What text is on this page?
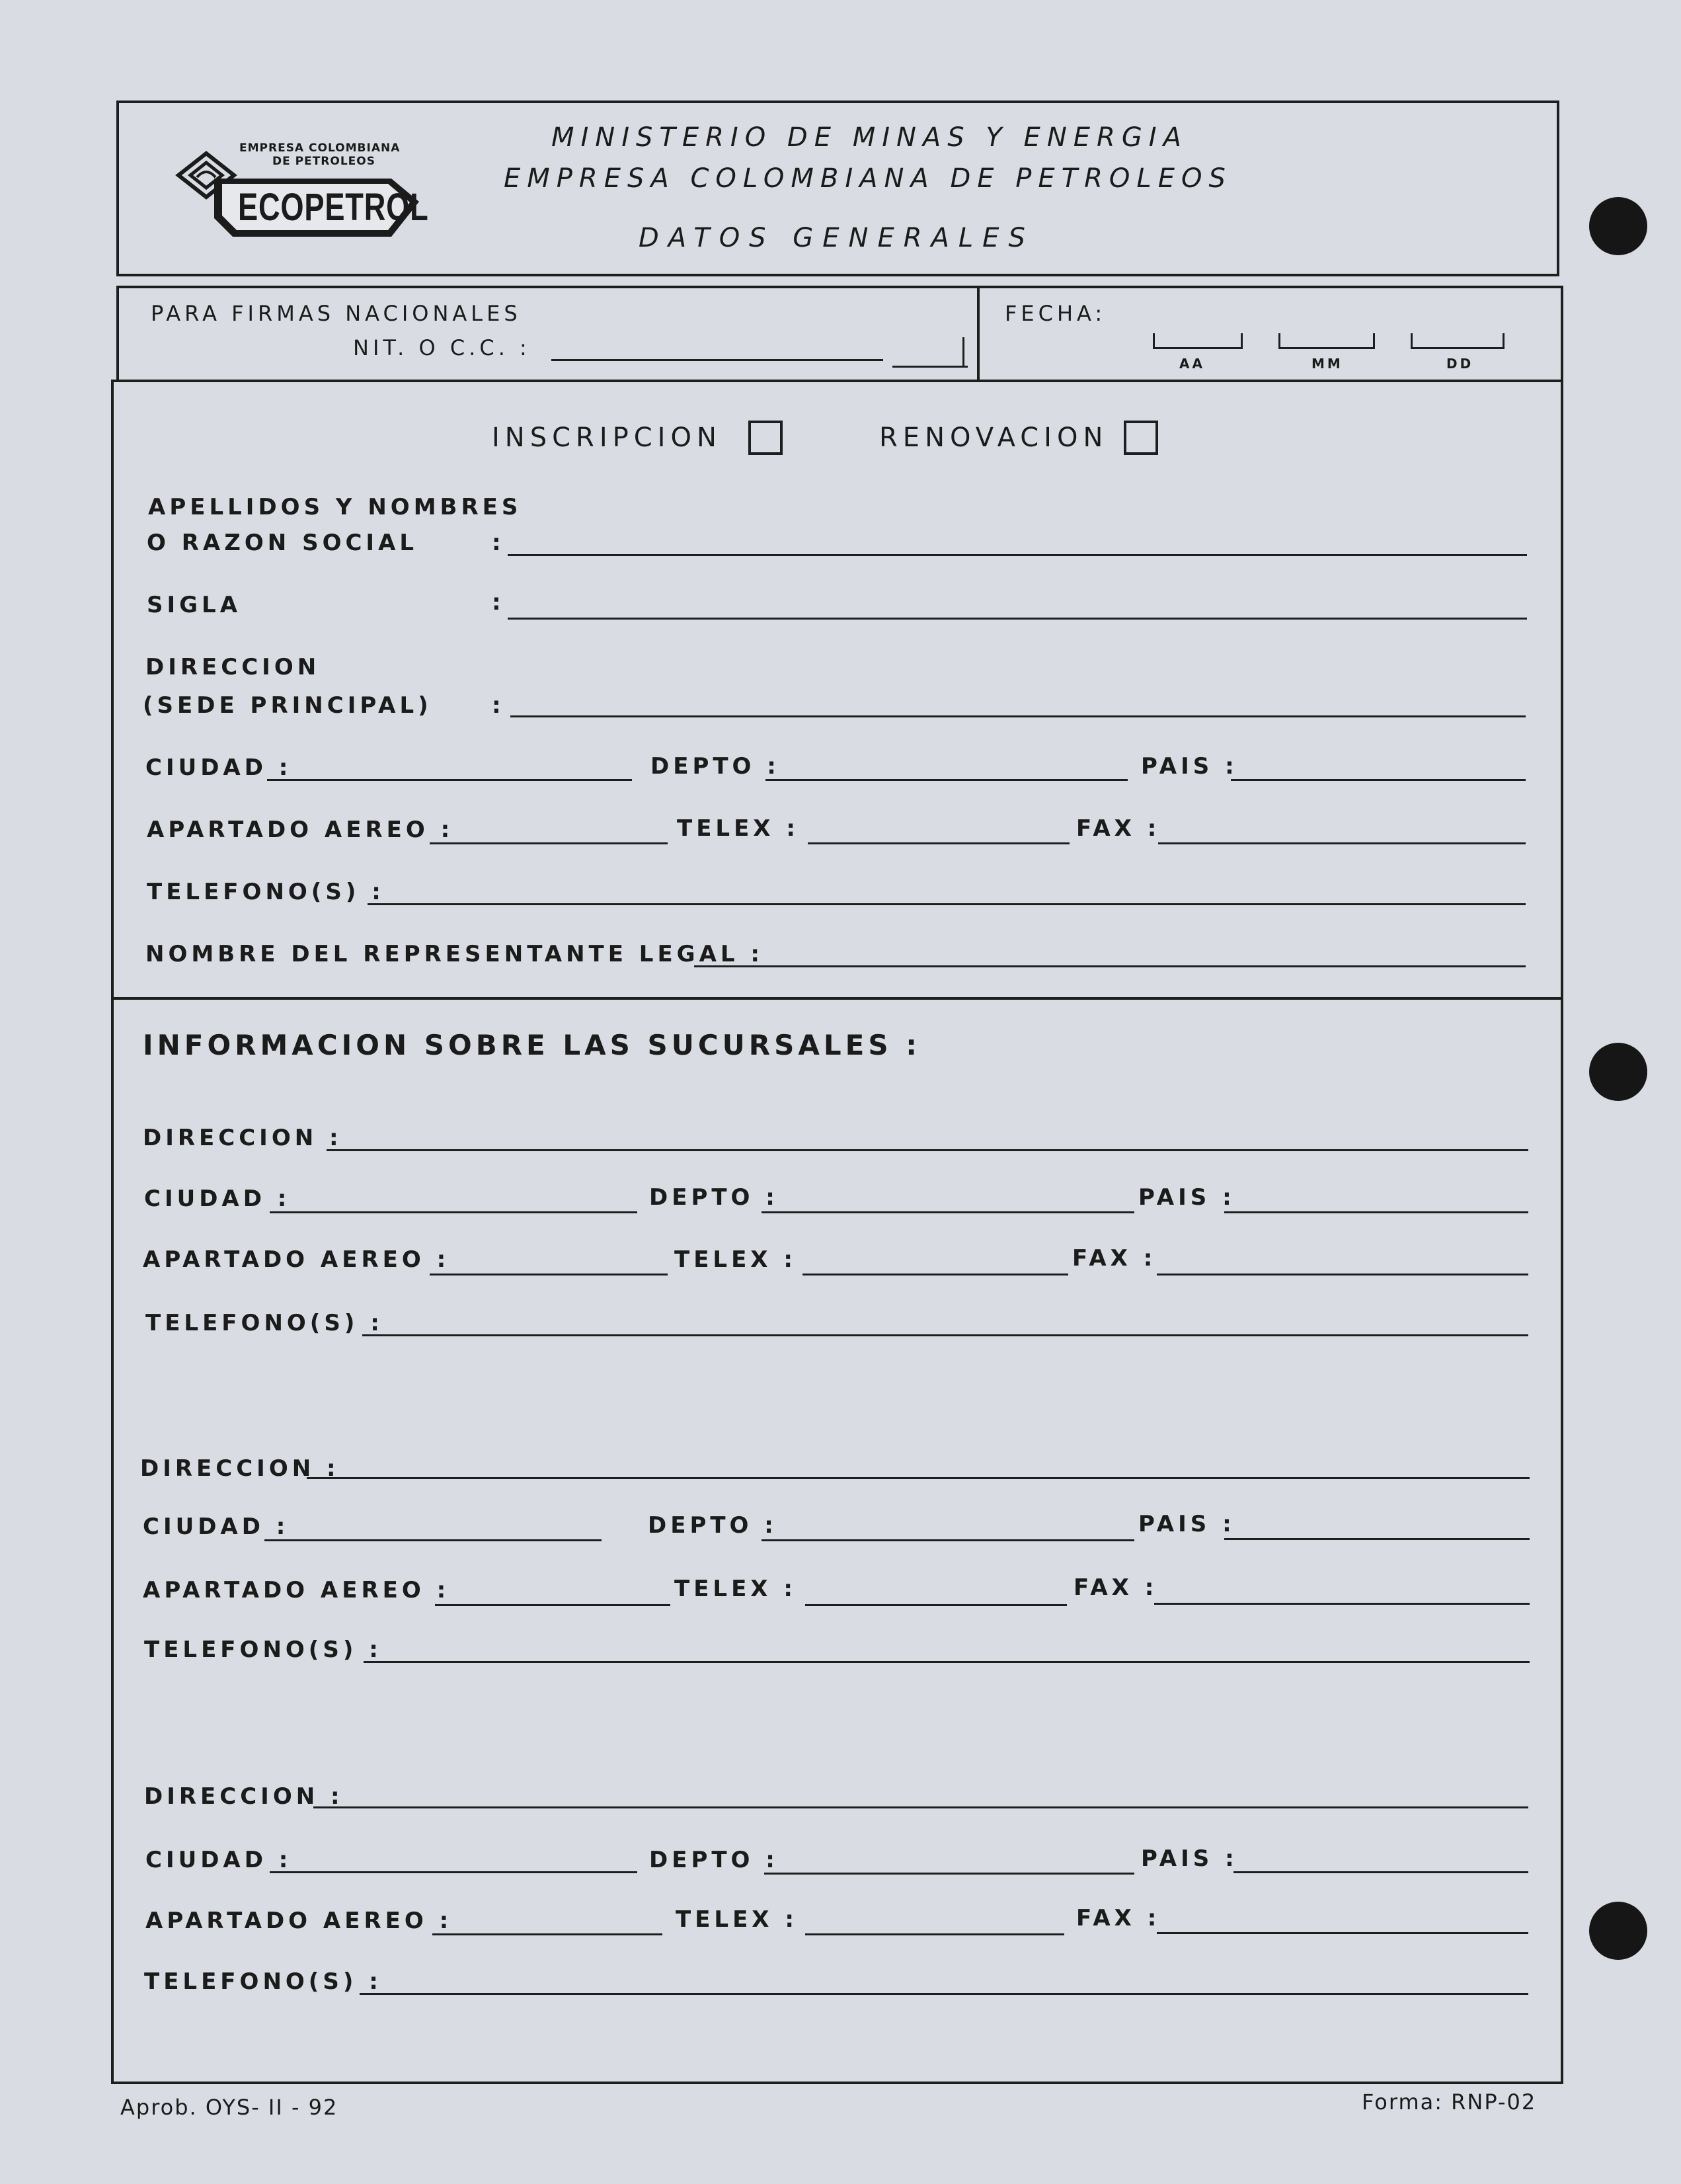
EMPRESA COLOMBIANA
DE PETROLEOS
ECOPETROL
MINISTERIO DE MINAS Y ENERGIA
EMPRESA COLOMBIANA DE PETROLEOS
DATOS GENERALES
PARA FIRMAS NACIONALES
NIT. O C.C. :
FECHA:
AA	MM	DD
INSCRIPCION	RENOVACION
APELLIDOS Y NOMBRES
O RAZON SOCIAL	:
SIGLA	:
DIRECCION
(SEDE PRINCIPAL)	:
CIUDAD :	DEPTO :	PAIS :
APARTADO AEREO :	TELEX :	FAX :
TELEFONO(S) :
NOMBRE DEL REPRESENTANTE LEGAL :
INFORMACION SOBRE LAS SUCURSALES :
DIRECCION :
CIUDAD :	DEPTO :	PAIS :
APARTADO AEREO :	TELEX :	FAX :
TELEFONO(S) :
DIRECCION :
CIUDAD :	DEPTO :	PAIS :
APARTADO AEREO :	TELEX :	FAX :
TELEFONO(S) :
DIRECCION :
CIUDAD :	DEPTO :	PAIS :
APARTADO AEREO :	TELEX :	FAX :
TELEFONO(S) :
Aprob. OYS- II - 92	Forma: RNP-02
